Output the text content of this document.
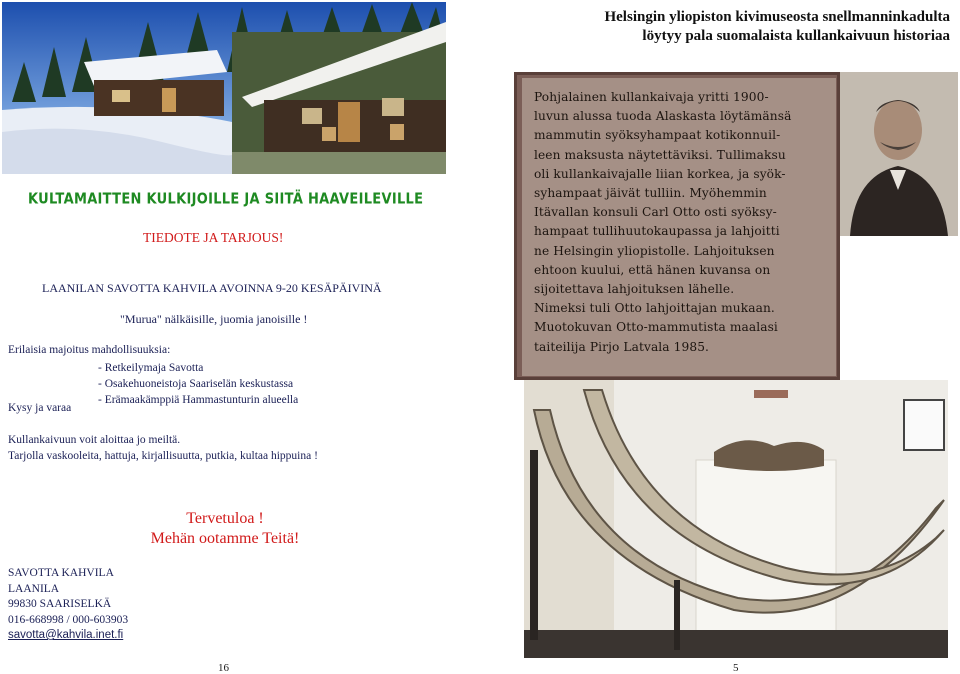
KULTAMAITTEN KULKIJOILLE JA SIITÄ HAAVEILEVILLE
TIEDOTE JA TARJOUS!
LAANILAN SAVOTTA KAHVILA AVOINNA 9-20 KESÄPÄIVINÄ
"Murua" nälkäisille, juomia janoisille !
Erilaisia majoitus mahdollisuuksia:
- Retkeilymaja Savotta
- Osakehuoneistoja Saariselän keskustassa
- Erämaakämppiä Hammastunturin alueella
Kysy ja varaa
Kullankaivuun voit aloittaa jo meiltä.
Tarjolla vaskooleita, hattuja, kirjallisuutta, putkia, kultaa hippuina !
Tervetuloa !
Mehän ootamme Teitä!
SAVOTTA KAHVILA
LAANILA
99830 SAARISELKÄ
016-668998 / 000-603903
savotta@kahvila.inet.fi
16
Helsingin yliopiston kivimuseosta snellmanninkadulta
löytyy pala suomalaista kullankaivuun historiaa
Pohjalainen kullankaivaja yritti 1900-
luvun alussa tuoda Alaskasta löytämänsä
mammutin syöksyhampaat kotikonnuil-
leen maksusta näytettäviksi. Tullimaksu
oli kullankaivajalle liian korkea, ja syök-
syhampaat jäivät tulliin. Myöhemmin
Itävallan konsuli Carl Otto osti syöksy-
hampaat tullihuutokaupassa ja lahjoitti
ne Helsingin yliopistolle. Lahjoituksen
ehtoon kuului, että hänen kuvansa on
sijoitettava lahjoituksen lähelle.
Nimeksi tuli Otto lahjoittajan mukaan.
Muotokuvan Otto-mammutista maalasi
taiteilija Pirjo Latvala 1985.
5
